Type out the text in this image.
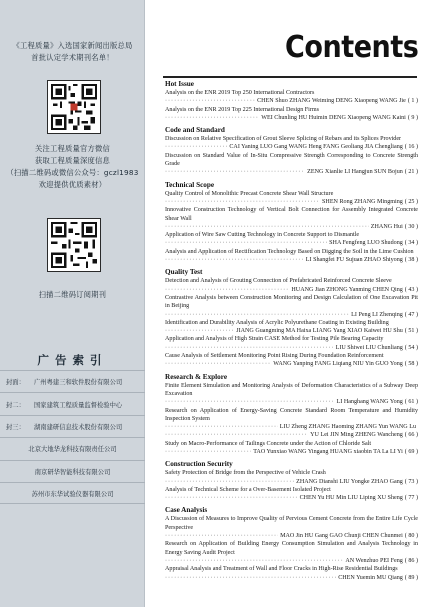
《工程质量》入选国家新闻出版总局
首批认定学术期刊名单！
关注工程质量官方微信
获取工程质量深度信息
（扫描二维码或微信公众号：gczl1983
欢迎提供优质素材）
扫描二维码订阅期刊
广告索引
封面：	广州粤建三和软件股份有限公司
封二：	国家建筑工程质量监督检验中心
封三：	湖南建研信息技术股份有限公司
北京大地华龙科技有限责任公司
南京研华智能科技有限公司
苏州市东华试验仪器有限公司
Contents
Hot Issue
Analysis on the ENR 2019 Top 250 International Contractors
·····
CHEN Shuo ZHANG Weiming DENG Xiaopeng WANG Jie ( 1 )
Analysis on the ENR 2019 Top 225 International Design Firms
·····
WEI Chunling HU Huimin DENG Xiaopeng WANG Kaini ( 9 )
Code and Standard
Discussion on Relative Specification of Grout Sleeve Splicing of Rebars and its Splices Provider
·····
CAI Yaning LUO Gang WANG Heng FANG Geoliang JIA Chengliang ( 16 )
Discussion on Standard Value of In-Situ Compressive Strength Corresponding to Concrete Strength Grade
·····
ZENG Xianlie LI Hangjun SUN Bojun ( 21 )
Technical Scope
Quality Control of Monolithic Precast Concrete Shear Wall Structure
·····
SHEN Rong ZHANG Mingming ( 25 )
Innovative Construction Technology of Vertical Bolt Connection for Assembly Integrated Concrete Shear Wall
·····
ZHANG Hui ( 30 )
Application of Wire Saw Cutting Technology in Concrete Support to Dismantle
·····
SHA Fengfeng LUO Shudong ( 34 )
Analysis and Application of Rectification Technology Based on Digging the Soil in the Lime Cushion
·····
LI Shangfei FU Sujuan ZHAO Shiyong ( 38 )
Quality Test
Detection and Analysis of Grouting Connection of Prefabricated Reinforced Concrete Sleeve
·····
HUANG Jian ZHONG Yanming CHEN Qing ( 43 )
Contrastive Analysis between Construction Monitoring and Design Calculation of One Excavation Pit in Beijing
·····
LI Peng LI Zhenqing ( 47 )
Identification and Durability Analysis of Acrylic Polyurethane Coating in Existing Building
·····
JIANG Guangming MA Haixa LIANG Yang XIAO Kaiwei HU Shu ( 51 )
Application and Analysis of High Strain CASE Method for Testing Pile Bearing Capacity
·····
LIU Shiwei LIU Chunliang ( 54 )
Cause Analysis of Settlement Monitoring Point Rising During Foundation Reinforcement
·····
WANG Yanping FANG Liqiang NIU Yin GUO Yong ( 58 )
Research & Explore
Finite Element Simulation and Monitoring Analysis of Deformation Characteristics of a Subway Deep Excavation
·····
LI Hanghang WANG Yong ( 61 )
Research on Application of Energy-Saving Concrete Standard Room Temperature and Humidity Inspection System
·····
LIU Zheng ZHANG Haoming ZHANG Yun WANG Lu
·····
YU Lei JIN Ming ZHENG Wancheng ( 66 )
Study on Macro-Performance of Tailings Concrete under the Action of Chloride Salt
·····
TAO Yunxiao WANG Yingang HUANG xiaobin TA La LI Yi ( 69 )
Construction Security
Safety Protection of Bridge from the Perspective of Vehicle Crash
·····
ZHANG Dianshi LIU Yongke ZHAO Gang ( 73 )
Analysis of Technical Scheme for a Over-Basement Isolated Project
·····
CHEN Yu HU Min LIU Liping XU Sheng ( 77 )
Case Analysis
A Discussion of Measures to Improve Quality of Pervious Cement Concrete from the Entire Life Cycle Perspective
·····
MAO Jin HU Gang GAO Chunji CHEN Chunmei ( 80 )
Research on Application of Building Energy Consumption Simulation and Analysis Technology in Energy Saving Audit Project
·····
AN Wenzhuo PEI Feng ( 86 )
Appraisal Analysis and Treatment of Wall and Floor Cracks in High-Rise Residential Buildings
·····
CHEN Yuemin MU Qiang ( 89 )
